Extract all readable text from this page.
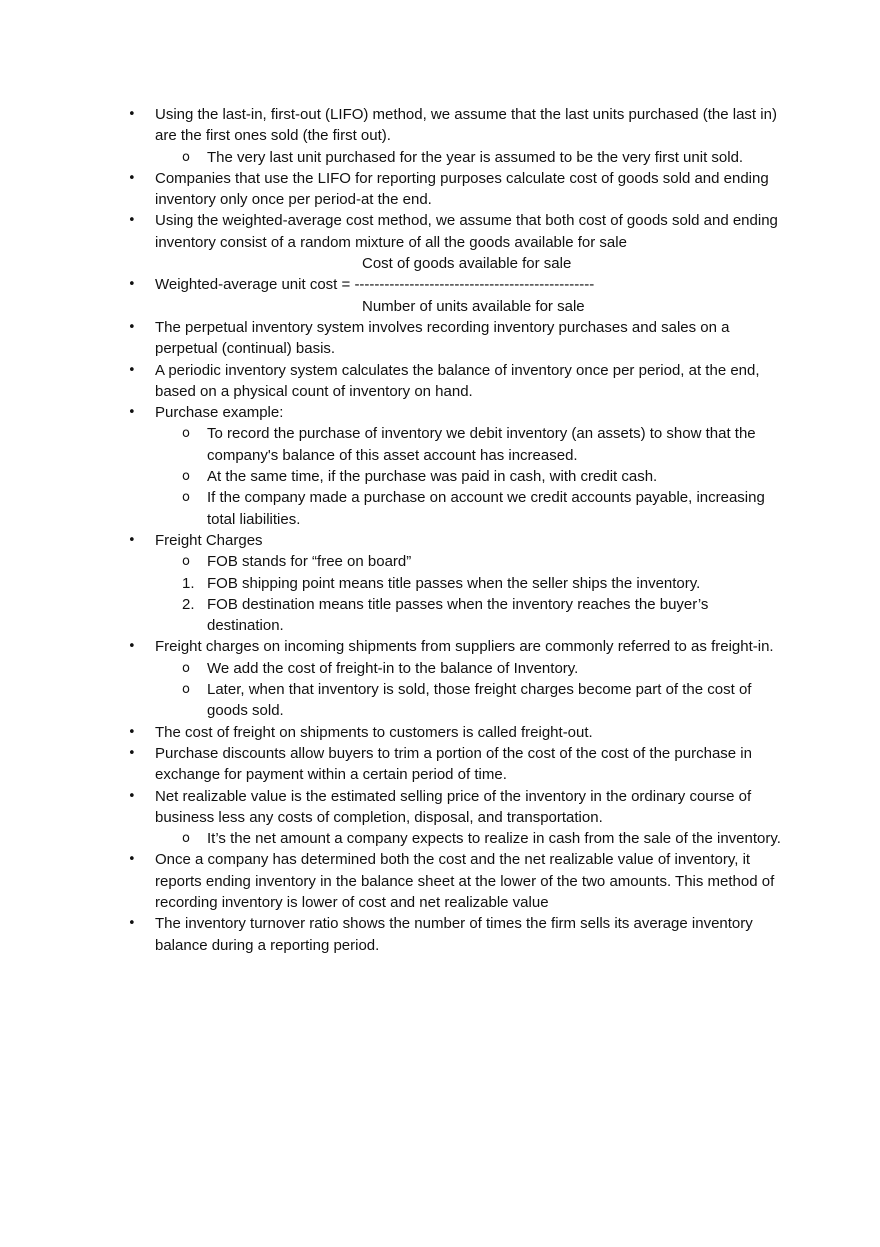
• Using the last-in, first-out (LIFO) method, we assume that the last units purchased (the last in) are the first ones sold (the first out).
o The very last unit purchased for the year is assumed to be the very first unit sold.
• Companies that use the LIFO for reporting purposes calculate cost of goods sold and ending inventory only once per period-at the end.
• Using the weighted-average cost method, we assume that both cost of goods sold and ending inventory consist of a random mixture of all the goods available for sale
Cost of goods available for sale
• Weighted-average unit cost = ------------------------------------------------
Number of units available for sale
• The perpetual inventory system involves recording inventory purchases and sales on a perpetual (continual) basis.
• A periodic inventory system calculates the balance of inventory once per period, at the end, based on a physical count of inventory on hand.
• Purchase example:
o To record the purchase of inventory we debit inventory (an assets) to show that the company's balance of this asset account has increased.
o At the same time, if the purchase was paid in cash, with credit cash.
o If the company made a purchase on account we credit accounts payable, increasing total liabilities.
• Freight Charges
o FOB stands for “free on board”
1. FOB shipping point means title passes when the seller ships the inventory.
2. FOB destination means title passes when the inventory reaches the buyer’s destination.
• Freight charges on incoming shipments from suppliers are commonly referred to as freight-in.
o We add the cost of freight-in to the balance of Inventory.
o Later, when that inventory is sold, those freight charges become part of the cost of goods sold.
• The cost of freight on shipments to customers is called freight-out.
• Purchase discounts allow buyers to trim a portion of the cost of the cost of the purchase in exchange for payment within a certain period of time.
• Net realizable value is the estimated selling price of the inventory in the ordinary course of business less any costs of completion, disposal, and transportation.
o It’s the net amount a company expects to realize in cash from the sale of the inventory.
• Once a company has determined both the cost and the net realizable value of inventory, it reports ending inventory in the balance sheet at the lower of the two amounts. This method of recording inventory is lower of cost and net realizable value
• The inventory turnover ratio shows the number of times the firm sells its average inventory balance during a reporting period.
